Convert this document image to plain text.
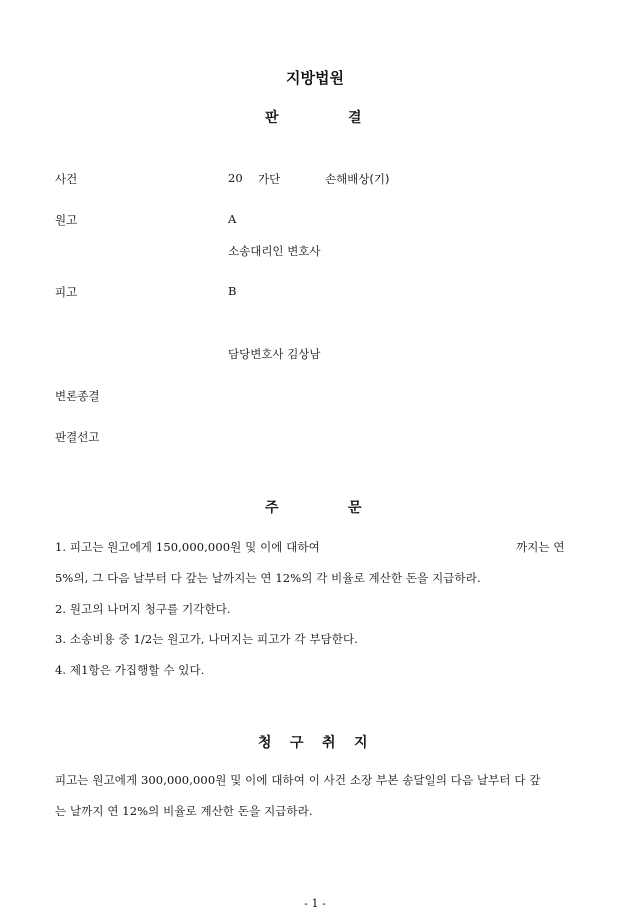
지방법원
판	결
사건	20 가단	손해배상(기)
원고	A
소송대리인 변호사
피고	B
담당변호사 김상남
변론종결
판결선고
주	문
1. 피고는 원고에게 150,000,000원 및 이에 대하여	까지는 연
5%의, 그 다음 날부터 다 갚는 날까지는 연 12%의 각 비율로 계산한 돈을 지급하라.
2. 원고의 나머지 청구를 기각한다.
3. 소송비용 중 1/2는 원고가, 나머지는 피고가 각 부담한다.
4. 제1항은 가집행할 수 있다.
청 구 취 지
피고는 원고에게 300,000,000원 및 이에 대하여 이 사건 소장 부본 송달일의 다음 날부터 다 갚
는 날까지 연 12%의 비율로 계산한 돈을 지급하라.
- 1 -
